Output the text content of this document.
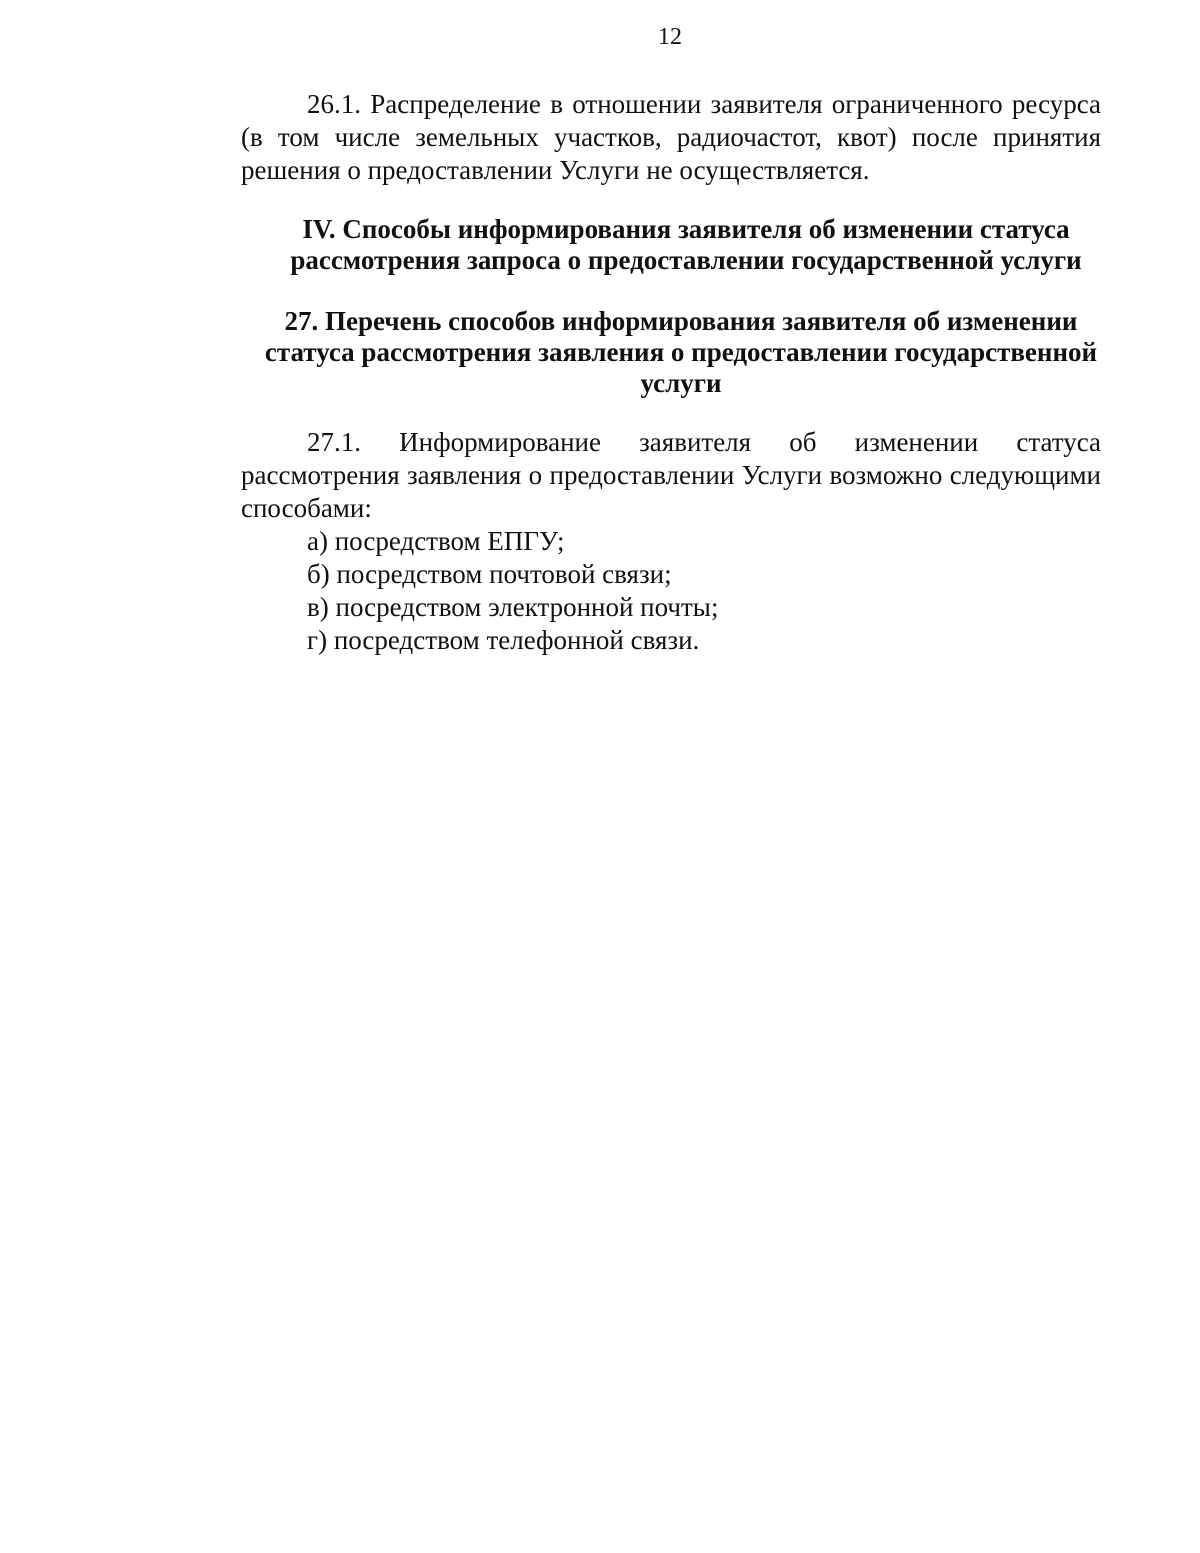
12

26.1. Распределение в отношении заявителя ограниченного ресурса (в том числе земельных участков, радиочастот, квот) после принятия решения о предоставлении Услуги не осуществляется.

IV. Способы информирования заявителя об изменении статуса
рассмотрения запроса о предоставлении государственной услуги
27. Перечень способов информирования заявителя об изменении
статуса рассмотрения заявления о предоставлении государственной
услуги

27.1. Информирование заявителя об изменении статуса рассмотрения заявления о предоставлении Услуги возможно следующими способами:

а) посредством ЕПГУ;

б) посредством почтовой связи;

в) посредством электронной почты;

г) посредством телефонной связи.
